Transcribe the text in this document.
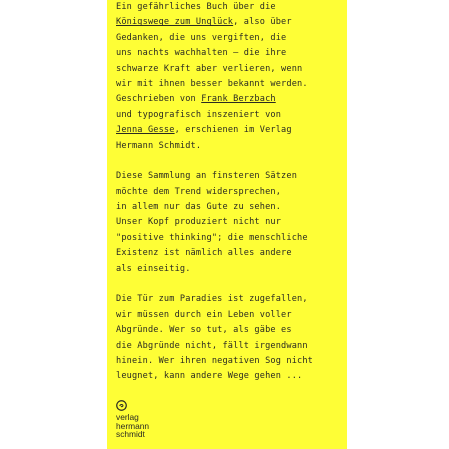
Ein gefährliches Buch über die
Königswege zum Unglück, also über
Gedanken, die uns vergiften, die
uns nachts wachhalten – die ihre
schwarze Kraft aber verlieren, wenn
wir mit ihnen besser bekannt werden.
Geschrieben von Frank Berzbach
und typografisch inszeniert von
Jenna Gesse, erschienen im Verlag
Hermann Schmidt.
Diese Sammlung an finsteren Sätzen
möchte dem Trend widersprechen,
in allem nur das Gute zu sehen.
Unser Kopf produziert nicht nur
"positive thinking"; die menschliche
Existenz ist nämlich alles andere
als einseitig.
Die Tür zum Paradies ist zugefallen,
wir müssen durch ein Leben voller
Abgründe. Wer so tut, als gäbe es
die Abgründe nicht, fällt irgendwann
hinein. Wer ihren negativen Sog nicht
leugnet, kann andere Wege gehen ...
verlag
hermann
schmidt
